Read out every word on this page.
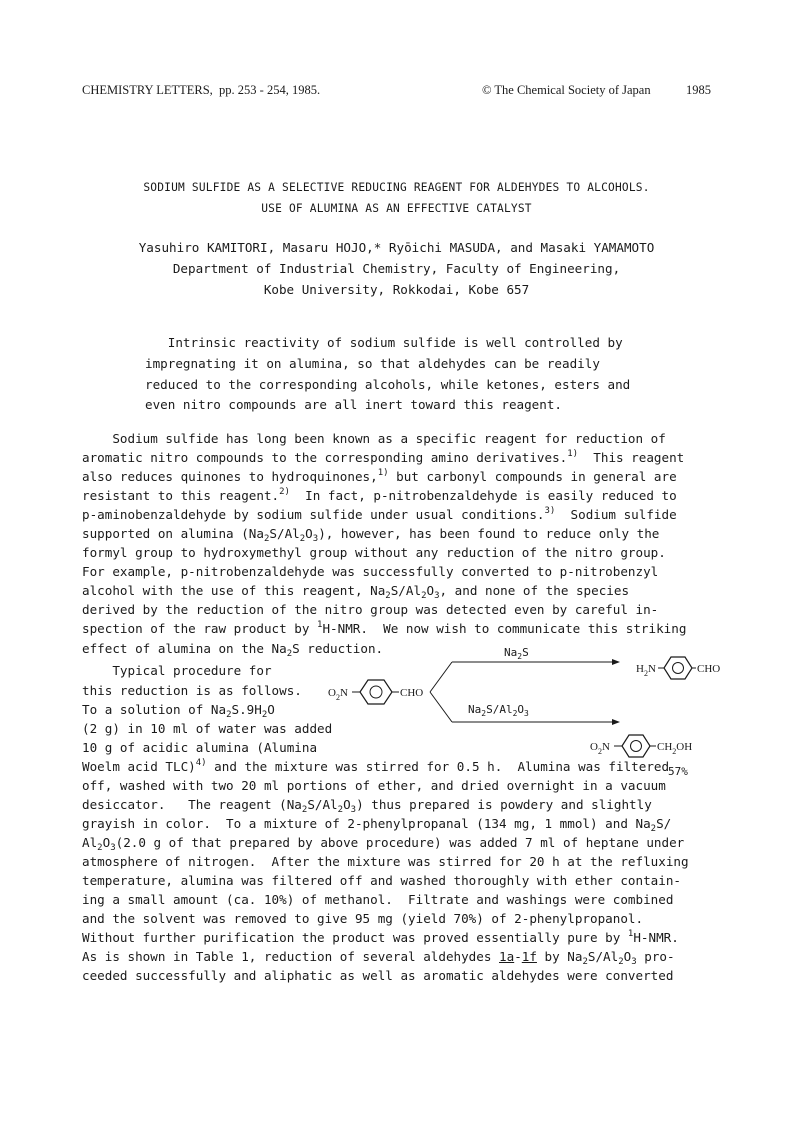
CHEMISTRY LETTERS, pp. 253 - 254, 1985.	© The Chemical Society of Japan	1985
SODIUM SULFIDE AS A SELECTIVE REDUCING REAGENT FOR ALDEHYDES TO ALCOHOLS.
USE OF ALUMINA AS AN EFFECTIVE CATALYST
Yasuhiro KAMITORI, Masaru HOJO,* Ryōichi MASUDA, and Masaki YAMAMOTO
Department of Industrial Chemistry, Faculty of Engineering,
Kobe University, Rokkodai, Kobe 657

Intrinsic reactivity of sodium sulfide is well controlled by

impregnating it on alumina, so that aldehydes can be readily

reduced to the corresponding alcohols, while ketones, esters and

even nitro compounds are all inert toward this reagent.

Sodium sulfide has long been known as a specific reagent for reduction of
aromatic nitro compounds to the corresponding amino derivatives.$^{1)}$  This reagent
also reduces quinones to hydroquinones,$^{1)}$ but carbonyl compounds in general are
resistant to this reagent.$^{2)}$  In fact, p-nitrobenzaldehyde is easily reduced to
p-aminobenzaldehyde by sodium sulfide under usual conditions.$^{3)}$  Sodium sulfide
supported on alumina $(Na_2S/Al_2O_3)$, however, has been found to reduce only the
formyl group to hydroxymethyl group without any reduction of the nitro group.
For example, p-nitrobenzaldehyde was successfully converted to p-nitrobenzyl
alcohol with the use of this reagent, $Na_2S/Al_2O_3$, and none of the species
derived by the reduction of the nitro group was detected even by careful in-
spection of the raw product by $^1$H-NMR.  We now wish to communicate this striking
effect of alumina on the $Na_2S$ reduction.
Typical procedure for
this reduction is as follows.
To a solution of $Na_2S.9H_2O$
(2 g) in 10 ml of water was added
10 g of acidic alumina (Alumina
Woelm acid TLC)$^{4)}$ and the mixture was stirred for 0.5 h.  Alumina was filtered
off, washed with two 20 ml portions of ether, and dried overnight in a vacuum
desiccator.   The reagent $(Na_2S/Al_2O_3)$ thus prepared is powdery and slightly
grayish in color.  To a mixture of 2-phenylpropanal (134 mg, 1 mmol) and $Na_2S/$
$Al_2O_3(2.0$ g of that prepared by above procedure) was added 7 ml of heptane under
atmosphere of nitrogen.  After the mixture was stirred for 20 h at the refluxing
temperature, alumina was filtered off and washed thoroughly with ether contain-
ing a small amount (ca. 10%) of methanol.  Filtrate and washings were combined
and the solvent was removed to give 95 mg (yield 70%) of 2-phenylpropanol.
Without further purification the product was proved essentially pure by $^1$H-NMR.
As is shown in Table 1, reduction of several aldehydes 1a-1f by $Na_2S/Al_2O_3$ pro-
ceeded successfully and aliphatic as well as aromatic aldehydes were converted
$O_2N$	CHO
$Na_2S$
$Na_2S/Al_2O_3$
$H_2N$	CHO
$O_2N$	$CH_2OH$
57%
